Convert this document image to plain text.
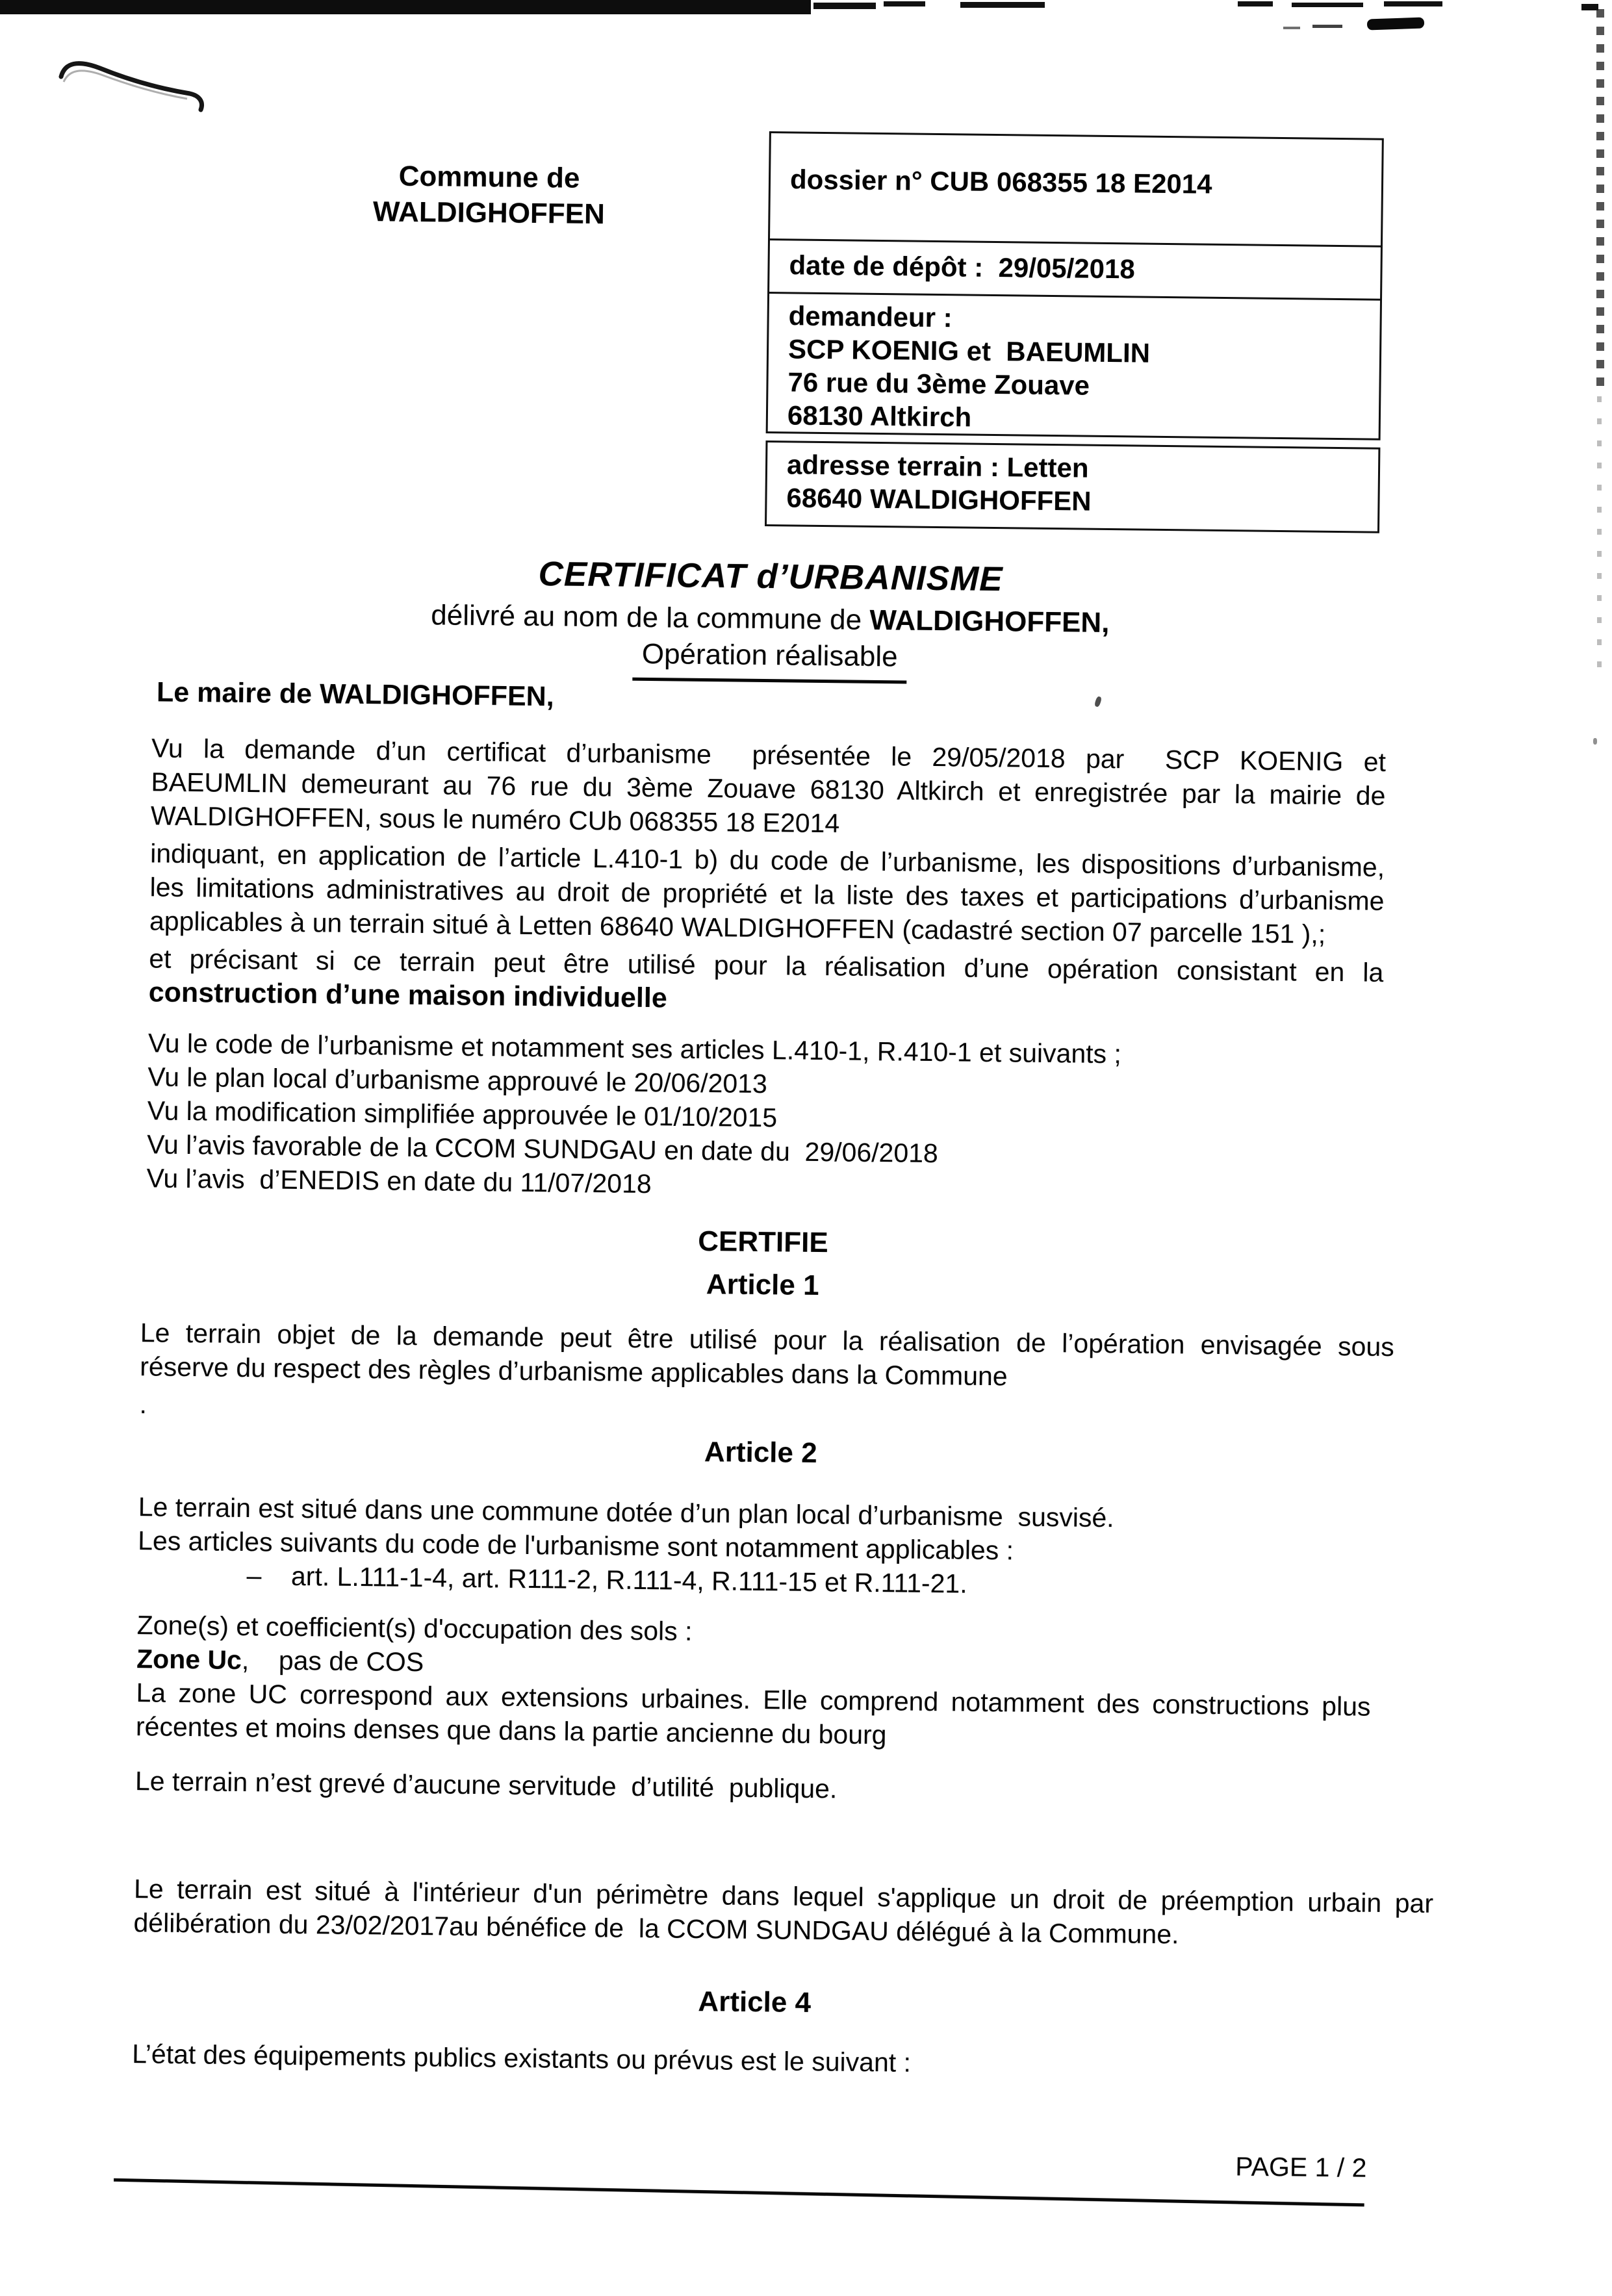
Commune de
WALDIGHOFFEN
dossier n° CUB 068355 18 E2014
date de dépôt :  29/05/2018
demandeur :
SCP KOENIG et  BAEUMLIN
76 rue du 3ème Zouave
68130 Altkirch
adresse terrain : Letten
68640 WALDIGHOFFEN
CERTIFICAT d’URBANISME
délivré au nom de la commune de WALDIGHOFFEN,
Opération réalisable
Le maire de WALDIGHOFFEN,
Vu la demande d’un certificat d’urbanisme  présentée le 29/05/2018 par  SCP KOENIG et
BAEUMLIN demeurant au 76 rue du 3ème Zouave 68130 Altkirch et enregistrée par la mairie de
WALDIGHOFFEN, sous le numéro CUb 068355 18 E2014
indiquant, en application de l’article L.410-1 b) du code de l’urbanisme, les dispositions d’urbanisme,
les limitations administratives au droit de propriété et la liste des taxes et participations d’urbanisme
applicables à un terrain situé à Letten 68640 WALDIGHOFFEN (cadastré section 07 parcelle 151 ),;
et précisant si ce terrain peut être utilisé pour la réalisation d’une opération consistant en la
construction d’une maison individuelle
Vu le code de l’urbanisme et notamment ses articles L.410-1, R.410-1 et suivants ;
Vu le plan local d’urbanisme approuvé le 20/06/2013
Vu la modification simplifiée approuvée le 01/10/2015
Vu l’avis favorable de la CCOM SUNDGAU en date du  29/06/2018
Vu l’avis  d’ENEDIS en date du 11/07/2018
CERTIFIE
Article 1
Le terrain objet de la demande peut être utilisé pour la réalisation de l’opération envisagée sous
réserve du respect des règles d’urbanisme applicables dans la Commune
.
Article 2
Le terrain est situé dans une commune dotée d’un plan local d’urbanisme  susvisé.
Les articles suivants du code de l'urbanisme sont notamment applicables :
–    art. L.111-1-4, art. R111-2, R.111-4, R.111-15 et R.111-21.
Zone(s) et coefficient(s) d'occupation des sols :
Zone Uc,    pas de COS
La zone UC correspond aux extensions urbaines. Elle comprend notamment des constructions plus
récentes et moins denses que dans la partie ancienne du bourg
Le terrain n’est grevé d’aucune servitude  d’utilité  publique.
Le terrain est situé à l'intérieur d'un périmètre dans lequel s'applique un droit de préemption urbain par
délibération du 23/02/2017au bénéfice de  la CCOM SUNDGAU délégué à la Commune.
Article 4
L’état des équipements publics existants ou prévus est le suivant :
PAGE 1 / 2
